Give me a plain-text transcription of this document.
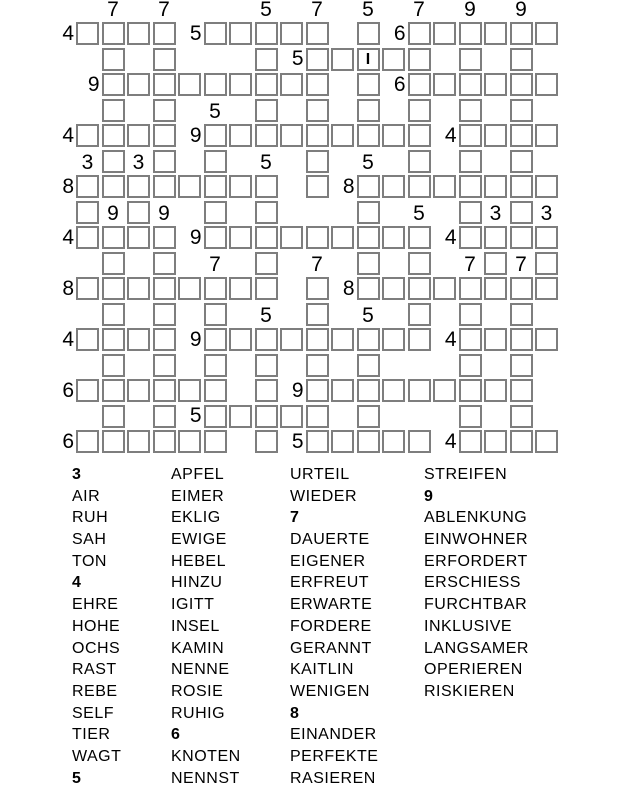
4	5	6
5
9	6
4	9	4
8	8
4	9	4
8	8
4	9	4
6	9
5
6	5	4
7 7	5 7 5 7 9 9
5
3 3	5	5
9 9	5	3 3
7	7	7 7
5	5
I
3
AIR
RUH
SAH
TON
4
EHRE
HOHE
OCHS
RAST
REBE
SELF
TIER
WAGT
5
APFEL
EIMER
EKLIG
EWIGE
HEBEL
HINZU
IGITT
INSEL
KAMIN
NENNE
ROSIE
RUHIG
6
KNOTEN
NENNST
URTEIL
WIEDER
7
DAUERTE
EIGENER
ERFREUT
ERWARTE
FORDERE
GERANNT
KAITLIN
WENIGEN
8
EINANDER
PERFEKTE
RASIEREN
STREIFEN
9
ABLENKUNG
EINWOHNER
ERFORDERT
ERSCHIESS
FURCHTBAR
INKLUSIVE
LANGSAMER
OPERIEREN
RISKIEREN
